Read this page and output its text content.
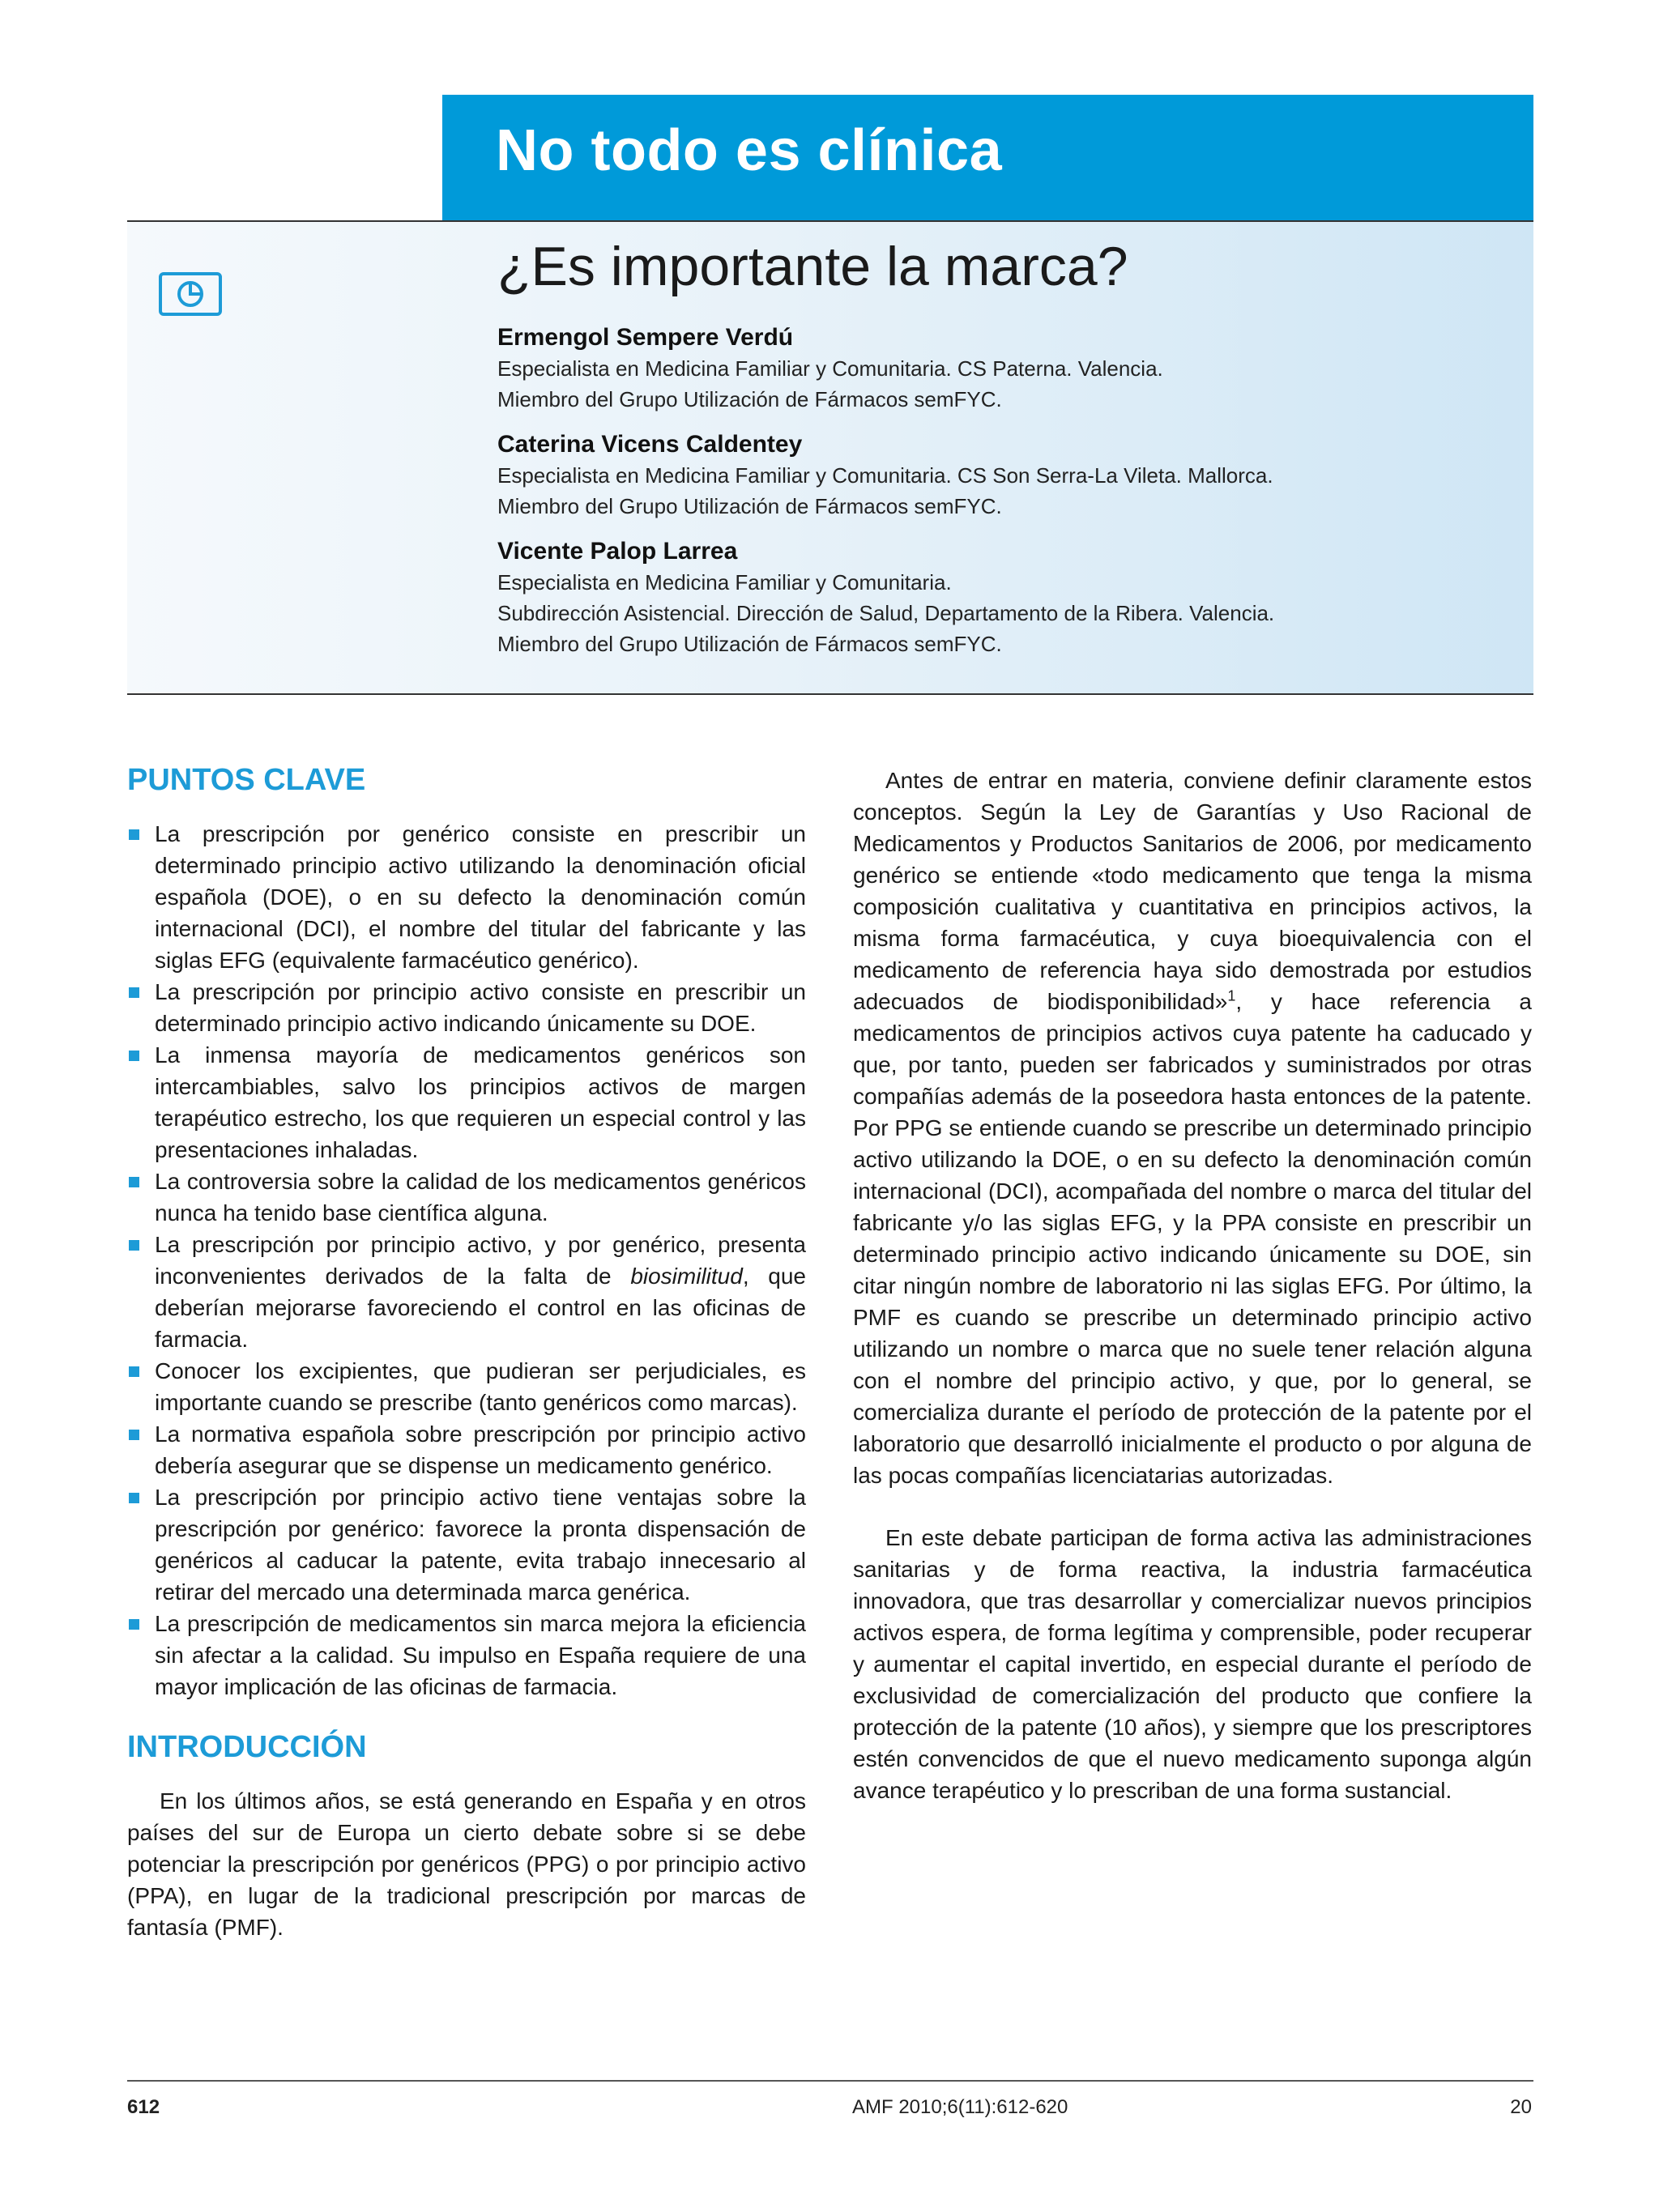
No todo es clínica
¿Es importante la marca?
Ermengol Sempere Verdú
Especialista en Medicina Familiar y Comunitaria. CS Paterna. Valencia.
Miembro del Grupo Utilización de Fármacos semFYC.
Caterina Vicens Caldentey
Especialista en Medicina Familiar y Comunitaria. CS Son Serra-La Vileta. Mallorca.
Miembro del Grupo Utilización de Fármacos semFYC.
Vicente Palop Larrea
Especialista en Medicina Familiar y Comunitaria.
Subdirección Asistencial. Dirección de Salud, Departamento de la Ribera. Valencia.
Miembro del Grupo Utilización de Fármacos semFYC.
PUNTOS CLAVE
La prescripción por genérico consiste en prescribir un determinado principio activo utilizando la denominación oficial española (DOE), o en su defecto la denominación común internacional (DCI), el nombre del titular del fabricante y las siglas EFG (equivalente farmacéutico genérico).
La prescripción por principio activo consiste en prescribir un determinado principio activo indicando únicamente su DOE.
La inmensa mayoría de medicamentos genéricos son intercambiables, salvo los principios activos de margen terapéutico estrecho, los que requieren un especial control y las presentaciones inhaladas.
La controversia sobre la calidad de los medicamentos genéricos nunca ha tenido base científica alguna.
La prescripción por principio activo, y por genérico, presenta inconvenientes derivados de la falta de biosimilitud, que deberían mejorarse favoreciendo el control en las oficinas de farmacia.
Conocer los excipientes, que pudieran ser perjudiciales, es importante cuando se prescribe (tanto genéricos como marcas).
La normativa española sobre prescripción por principio activo debería asegurar que se dispense un medicamento genérico.
La prescripción por principio activo tiene ventajas sobre la prescripción por genérico: favorece la pronta dispensación de genéricos al caducar la patente, evita trabajo innecesario al retirar del mercado una determinada marca genérica.
La prescripción de medicamentos sin marca mejora la eficiencia sin afectar a la calidad. Su impulso en España requiere de una mayor implicación de las oficinas de farmacia.
INTRODUCCIÓN

En los últimos años, se está generando en España y en otros países del sur de Europa un cierto debate sobre si se debe potenciar la prescripción por genéricos (PPG) o por principio activo (PPA), en lugar de la tradicional prescripción por marcas de fantasía (PMF).

Antes de entrar en materia, conviene definir claramente estos conceptos. Según la Ley de Garantías y Uso Racional de Medicamentos y Productos Sanitarios de 2006, por medicamento genérico se entiende «todo medicamento que tenga la misma composición cualitativa y cuantitativa en principios activos, la misma forma farmacéutica, y cuya bioequivalencia con el medicamento de referencia haya sido demostrada por estudios adecuados de biodisponibilidad»$^1$, y hace referencia a medicamentos de principios activos cuya patente ha caducado y que, por tanto, pueden ser fabricados y suministrados por otras compañías además de la poseedora hasta entonces de la patente. Por PPG se entiende cuando se prescribe un determinado principio activo utilizando la DOE, o en su defecto la denominación común internacional (DCI), acompañada del nombre o marca del titular del fabricante y/o las siglas EFG, y la PPA consiste en prescribir un determinado principio activo indicando únicamente su DOE, sin citar ningún nombre de laboratorio ni las siglas EFG. Por último, la PMF es cuando se prescribe un determinado principio activo utilizando un nombre o marca que no suele tener relación alguna con el nombre del principio activo, y que, por lo general, se comercializa durante el período de protección de la patente por el laboratorio que desarrolló inicialmente el producto o por alguna de las pocas compañías licenciatarias autorizadas.

En este debate participan de forma activa las administraciones sanitarias y de forma reactiva, la industria farmacéutica innovadora, que tras desarrollar y comercializar nuevos principios activos espera, de forma legítima y comprensible, poder recuperar y aumentar el capital invertido, en especial durante el período de exclusividad de comercialización del producto que confiere la protección de la patente (10 años), y siempre que los prescriptores estén convencidos de que el nuevo medicamento suponga algún avance terapéutico y lo prescriban de una forma sustancial.

612	AMF 2010;6(11):612-620	20
